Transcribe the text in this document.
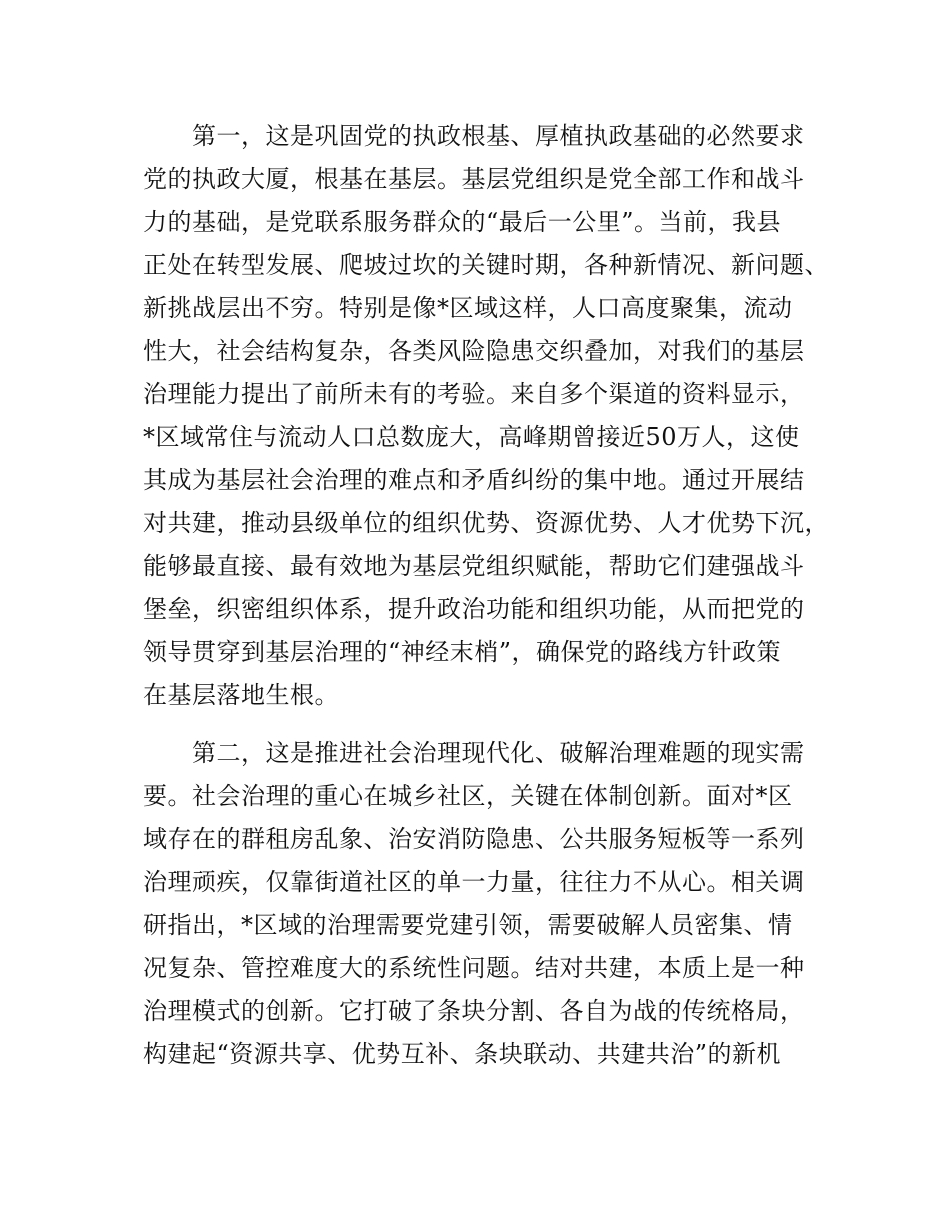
第一，这是巩固党的执政根基、厚植执政基础的必然要求
党的执政大厦，根基在基层。基层党组织是党全部工作和战斗
力的基础，是党联系服务群众的“最后一公里”。当前，我县
正处在转型发展、爬坡过坎的关键时期，各种新情况、新问题、
新挑战层出不穷。特别是像*区域这样，人口高度聚集，流动
性大，社会结构复杂，各类风险隐患交织叠加，对我们的基层
治理能力提出了前所未有的考验。来自多个渠道的资料显示，
*区域常住与流动人口总数庞大，高峰期曾接近50万人，这使
其成为基层社会治理的难点和矛盾纠纷的集中地。通过开展结
对共建，推动县级单位的组织优势、资源优势、人才优势下沉，
能够最直接、最有效地为基层党组织赋能，帮助它们建强战斗
堡垒，织密组织体系，提升政治功能和组织功能，从而把党的
领导贯穿到基层治理的“神经末梢”，确保党的路线方针政策
在基层落地生根。
第二，这是推进社会治理现代化、破解治理难题的现实需
要。社会治理的重心在城乡社区，关键在体制创新。面对*区
域存在的群租房乱象、治安消防隐患、公共服务短板等一系列
治理顽疾，仅靠街道社区的单一力量，往往力不从心。相关调
研指出，*区域的治理需要党建引领，需要破解人员密集、情
况复杂、管控难度大的系统性问题。结对共建，本质上是一种
治理模式的创新。它打破了条块分割、各自为战的传统格局，
构建起“资源共享、优势互补、条块联动、共建共治”的新机
